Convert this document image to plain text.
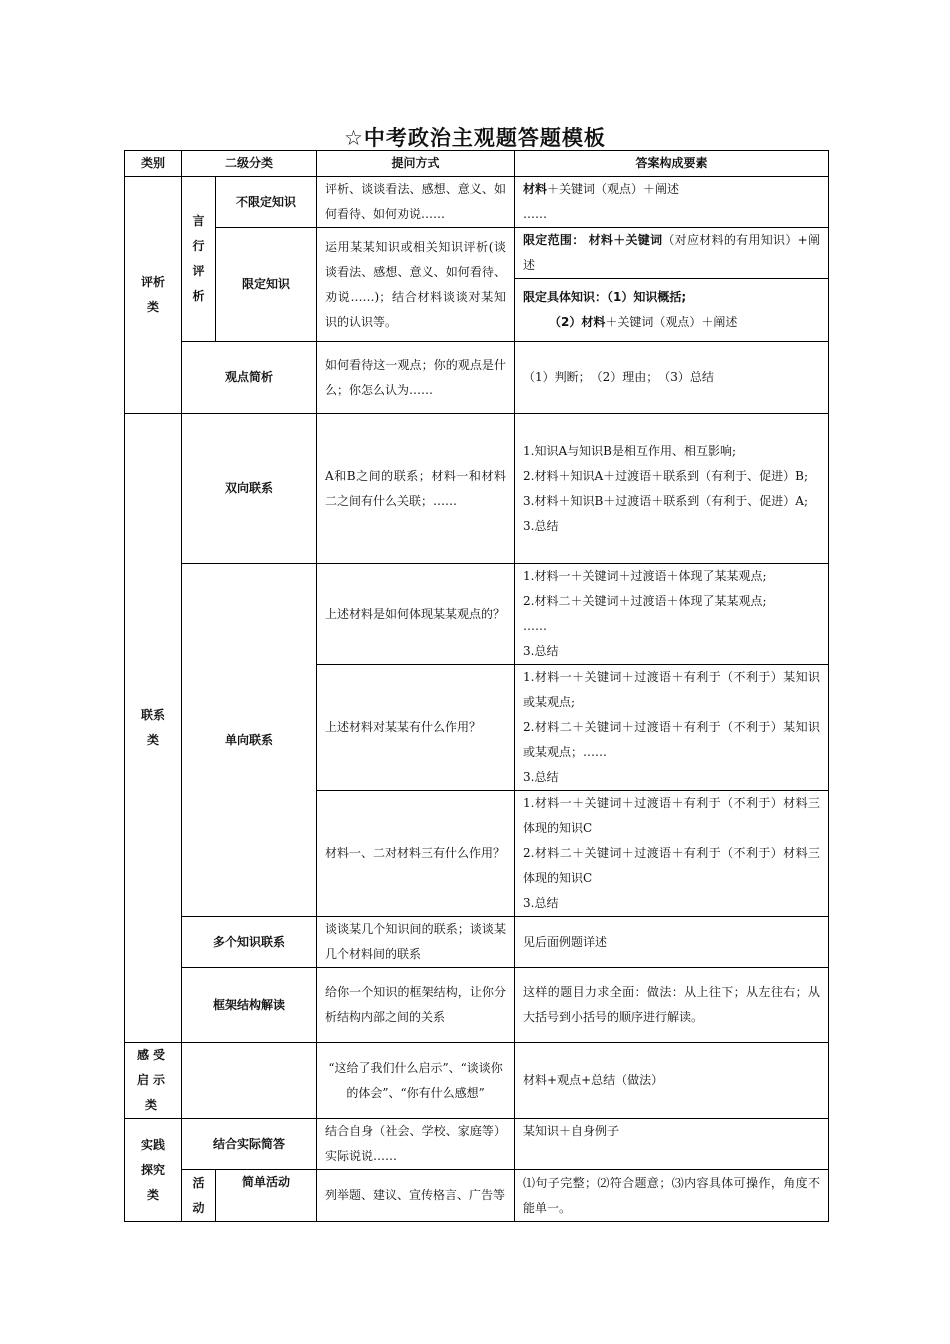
☆中考政治主观题答题模板
类别	二级分类		提问方式	答案构成要素
评析类	言行评析	不限定知识	评析、谈谈看法、感想、意义、如何看待、如何劝说……	材料＋关键词（观点）＋阐述
……

		限定知识	运用某某知识或相关知识评析(谈谈看法、感想、意义、如何看待、劝说……)；结合材料谈谈对某知识的认识等。	限定范围： 材料＋关键词（对应材料的有用知识）+阐述

				限定具体知识：（1）知识概括;
（2）材料＋关键词（观点）＋阐述

	观点简析		如何看待这一观点；你的观点是什么；你怎么认为……	（1）判断；　（2）理由；　（3）总结
联系类	双向联系		A和B之间的联系；材料一和材料二之间有什么关联；……	1.知识A与知识B是相互作用、相互影响;
2.材料＋知识A＋过渡语＋联系到（有利于、促进）B;
3.材料＋知识B＋过渡语＋联系到（有利于、促进）A;
3.总结

	单向联系		上述材料是如何体现某某观点的？	1.材料一＋关键词＋过渡语＋体现了某某观点;
2.材料二＋关键词＋过渡语＋体现了某某观点;
……
3.总结

			上述材料对某某有什么作用？	1.材料一＋关键词＋过渡语＋有利于（不利于）某知识或某观点;
2.材料二＋关键词＋过渡语＋有利于（不利于）某知识或某观点；……
3.总结

			材料一、二对材料三有什么作用？	1.材料一＋关键词＋过渡语＋有利于（不利于）材料三体现的知识C
2.材料二＋关键词＋过渡语＋有利于（不利于）材料三体现的知识C
3.总结

	多个知识联系		谈谈某几个知识间的联系；谈谈某几个材料间的联系	见后面例题详述
	框架结构解读		给你一个知识的框架结构，让你分析结构内部之间的关系	这样的题目力求全面：做法：从上往下；从左往右；从大括号到小括号的顺序进行解读。
感受启示类			“这给了我们什么启示”、“谈谈你的体会”、“你有什么感想”	材料+观点+总结（做法）
实践探究类	结合实际简答		结合自身（社会、学校、家庭等）实际说说……	某知识＋自身例子
	活动	简单活动	列举题、建议、宣传格言、广告等	⑴句子完整；⑵符合题意；⑶内容具体可操作，角度不能单一。
